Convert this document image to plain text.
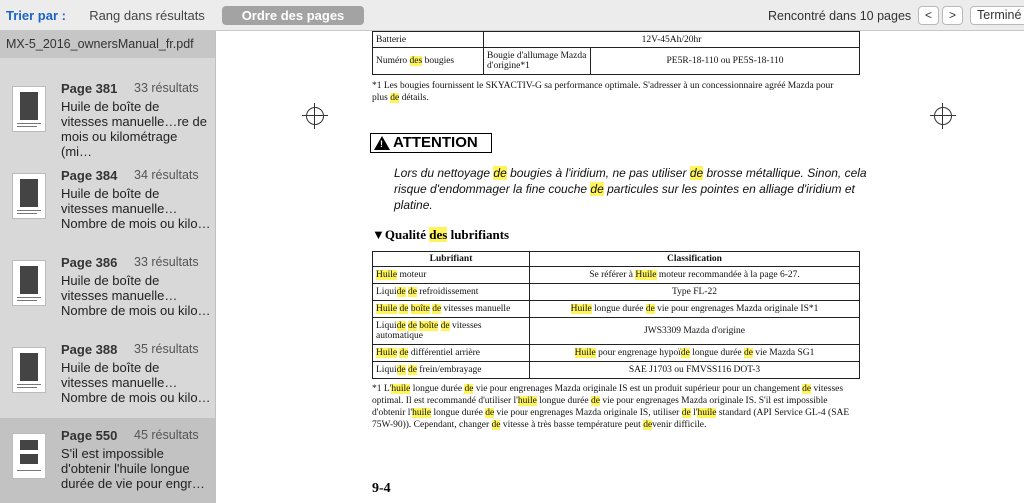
Trier par :	Rang dans résultats	Ordre des pages	Rencontré dans 10 pages	<	>	Terminé
MX-5_2016_ownersManual_fr.pdf
Page 381 33 résultats
Huile de boîte de
vitesses manuelle…re de
mois ou kilométrage (mi…
Page 384 34 résultats
Huile de boîte de
vitesses manuelle…
Nombre de mois ou kilo…
Page 386 33 résultats
Huile de boîte de
vitesses manuelle…
Nombre de mois ou kilo…
Page 388 35 résultats
Huile de boîte de
vitesses manuelle…
Nombre de mois ou kilo…
Page 550 45 résultats
S'il est impossible
d'obtenir l'huile longue
durée de vie pour engr…
Batterie	12V-45Ah/20hr	
Numéro des bougies	Bougie d'allumage Mazda d'origine*1	PE5R-18-110 ou PE5S-18-110
*1 Les bougies fournissent le SKYACTIV-G sa performance optimale. S'adresser à un concessionnaire agréé Mazda pour plus de détails.
! ATTENTION
Lors du nettoyage de bougies à l'iridium, ne pas utiliser de brosse métallique. Sinon, cela risque d'endommager la fine couche de particules sur les pointes en alliage d'iridium et platine.
▼Qualité des lubrifiants
Lubrifiant	Classification
Huile moteur	Se référer à Huile moteur recommandée à la page 6-27.
Liquide de refroidissement	Type FL-22
Huile de boîte de vitesses manuelle	Huile longue durée de vie pour engrenages Mazda originale IS*1
Liquide de boîte de vitesses automatique	JWS3309 Mazda d'origine
Huile de différentiel arrière	Huile pour engrenage hypoïde longue durée de vie Mazda SG1
Liquide de frein/embrayage	SAE J1703 ou FMVSS116 DOT-3
*1 L'huile longue durée de vie pour engrenages Mazda originale IS est un produit supérieur pour un changement de vitesses optimal. Il est recommandé d'utiliser l'huile longue durée de vie pour engrenages Mazda originale IS. S'il est impossible d'obtenir l'huile longue durée de vie pour engrenages Mazda originale IS, utiliser de l'huile standard (API Service GL-4 (SAE 75W-90)). Cependant, changer de vitesse à très basse température peut devenir difficile.
9-4
